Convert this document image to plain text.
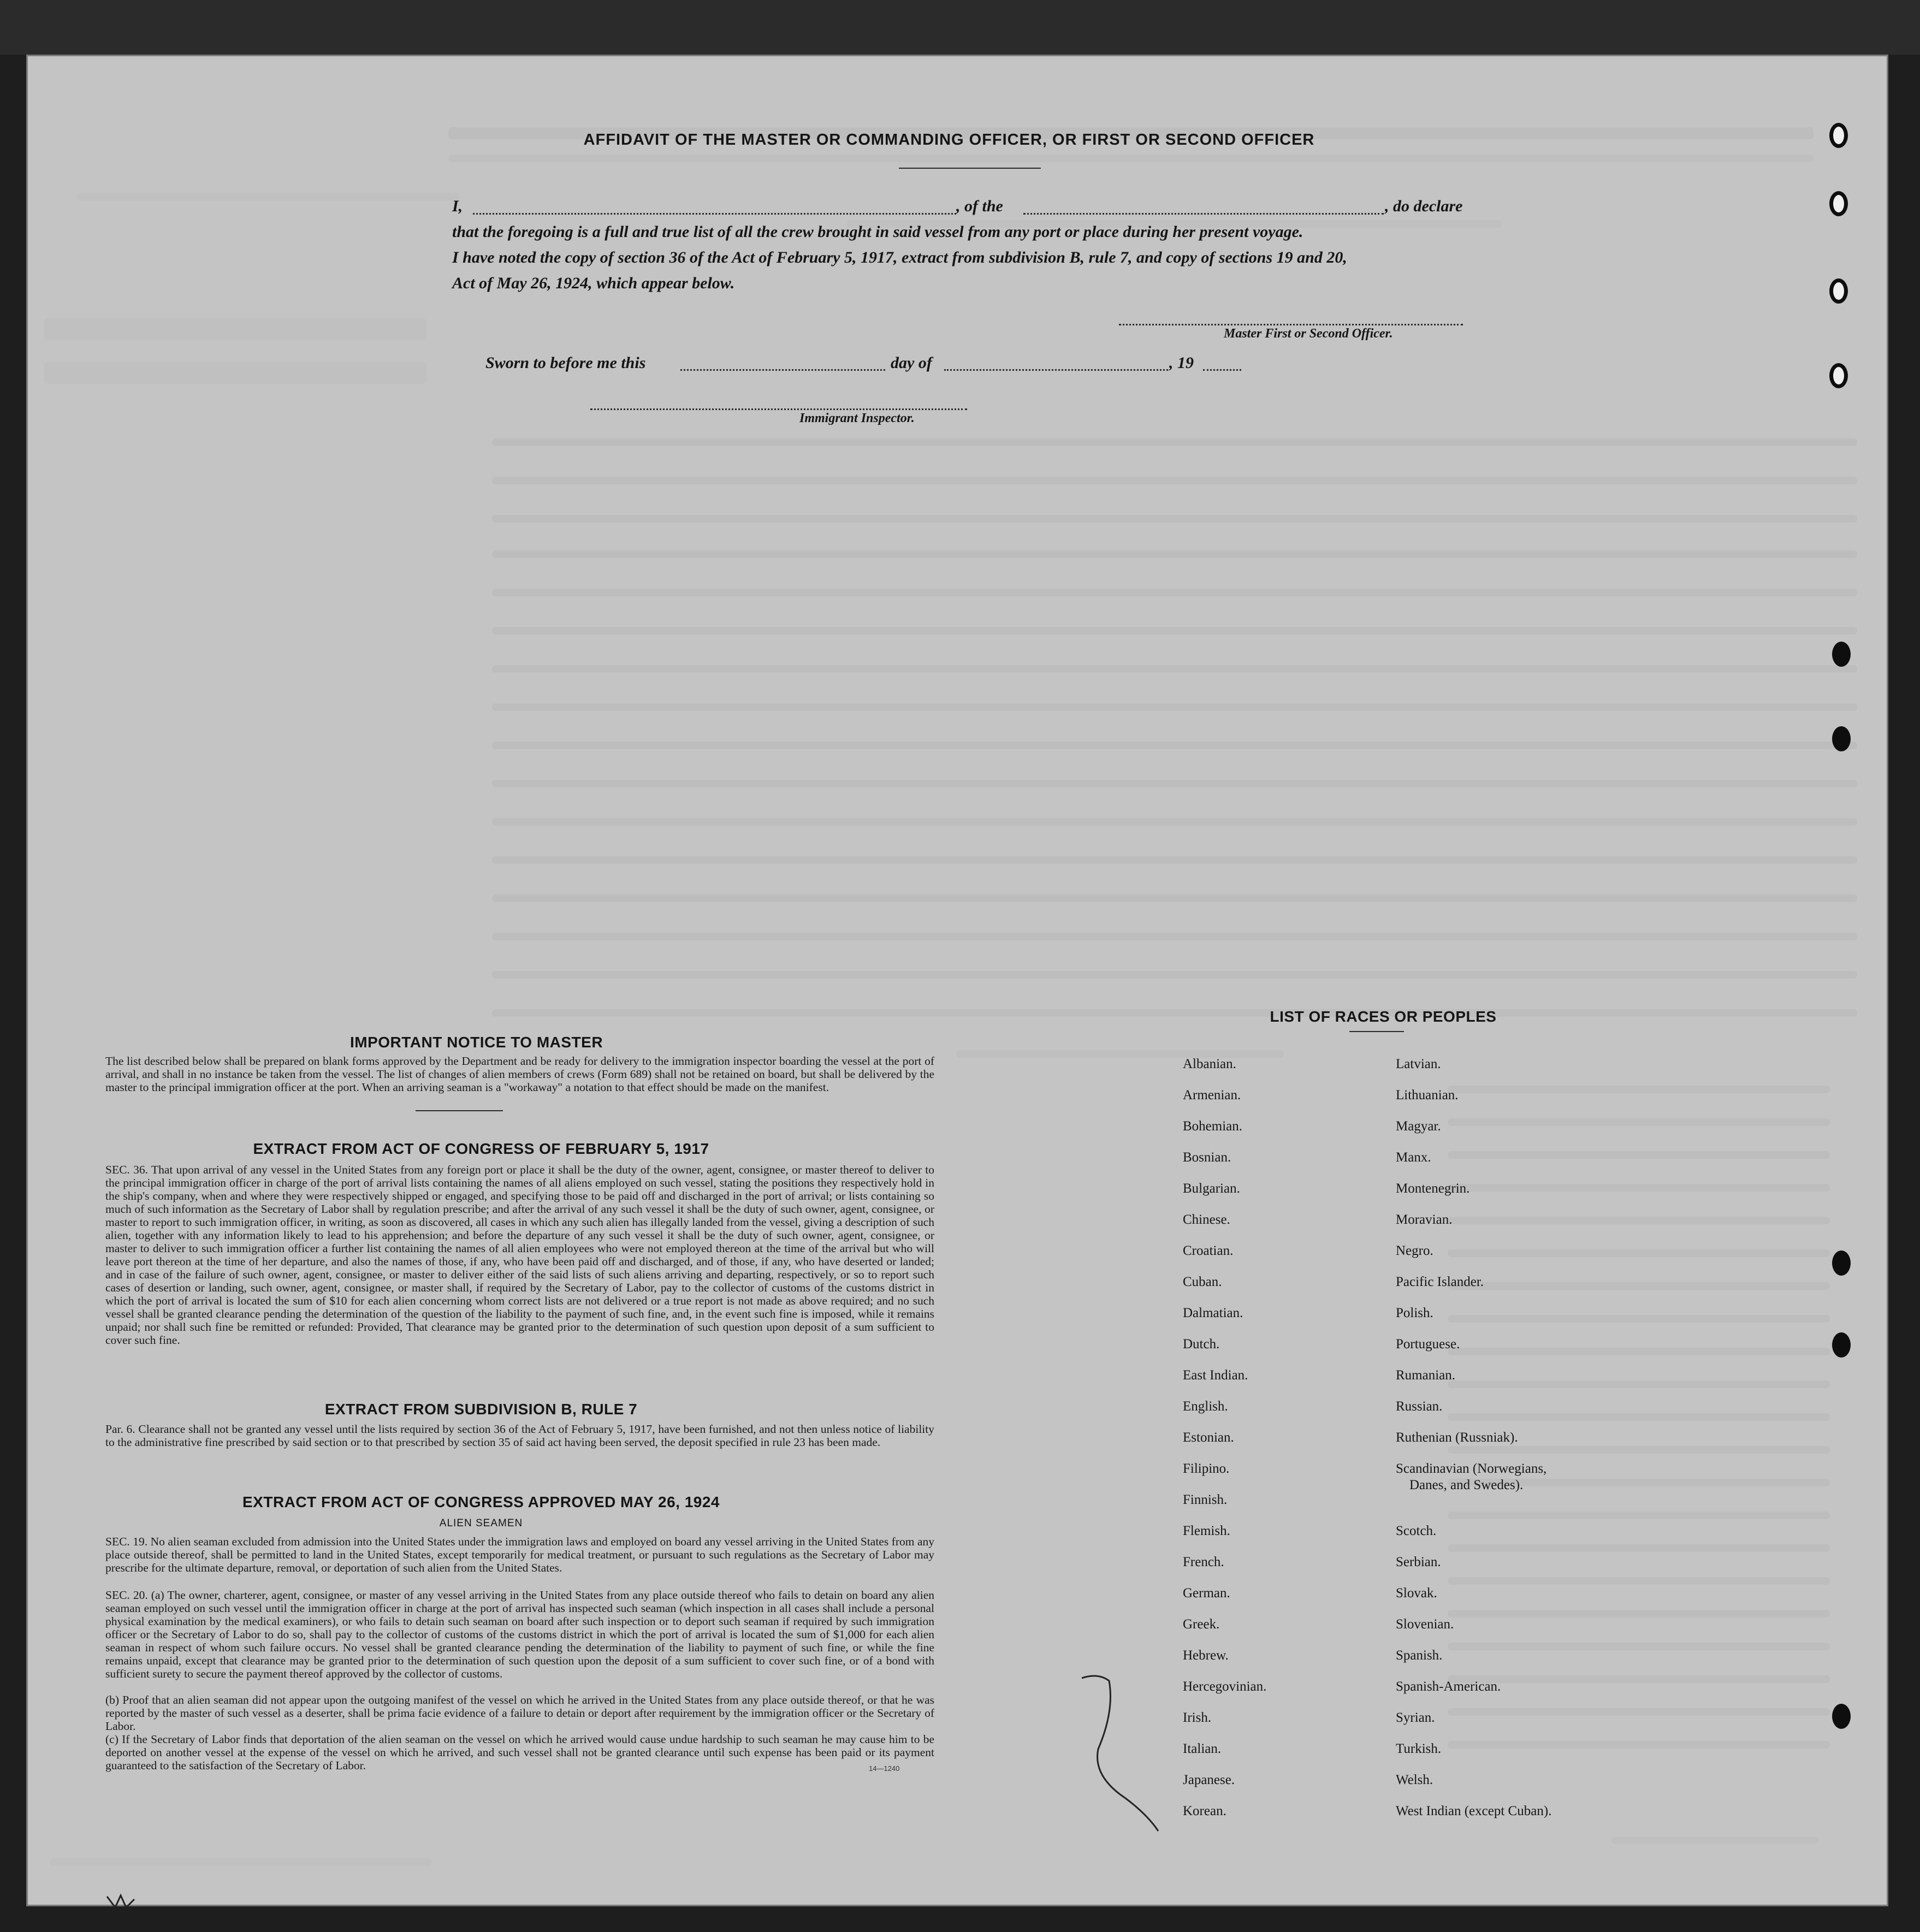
AFFIDAVIT OF THE MASTER OR COMMANDING OFFICER, OR FIRST OR SECOND OFFICER
I,	, of the	, do declare
that the foregoing is a full and true list of all the crew brought in said vessel from any port or place during her present voyage.
I have noted the copy of section 36 of the Act of February 5, 1917, extract from subdivision B, rule 7, and copy of sections 19 and 20,
Act of May 26, 1924, which appear below.
Master First or Second Officer.
Sworn to before me this	day of	, 19
Immigrant Inspector.
IMPORTANT NOTICE TO MASTER
The list described below shall be prepared on blank forms approved by the Department and be ready for delivery to the immigration inspector boarding the vessel at the port of arrival, and shall in no instance be taken from the vessel. The list of changes of alien members of crews (Form 689) shall not be retained on board, but shall be delivered by the master to the principal immigration officer at the port. When an arriving seaman is a "workaway" a notation to that effect should be made on the manifest.
EXTRACT FROM ACT OF CONGRESS OF FEBRUARY 5, 1917
SEC. 36. That upon arrival of any vessel in the United States from any foreign port or place it shall be the duty of the owner, agent, consignee, or master thereof to deliver to the principal immigration officer in charge of the port of arrival lists containing the names of all aliens employed on such vessel, stating the positions they respectively hold in the ship's company, when and where they were respectively shipped or engaged, and specifying those to be paid off and discharged in the port of arrival; or lists containing so much of such information as the Secretary of Labor shall by regulation prescribe; and after the arrival of any such vessel it shall be the duty of such owner, agent, consignee, or master to report to such immigration officer, in writing, as soon as discovered, all cases in which any such alien has illegally landed from the vessel, giving a description of such alien, together with any information likely to lead to his apprehension; and before the departure of any such vessel it shall be the duty of such owner, agent, consignee, or master to deliver to such immigration officer a further list containing the names of all alien employees who were not employed thereon at the time of the arrival but who will leave port thereon at the time of her departure, and also the names of those, if any, who have been paid off and discharged, and of those, if any, who have deserted or landed; and in case of the failure of such owner, agent, consignee, or master to deliver either of the said lists of such aliens arriving and departing, respectively, or so to report such cases of desertion or landing, such owner, agent, consignee, or master shall, if required by the Secretary of Labor, pay to the collector of customs of the customs district in which the port of arrival is located the sum of $10 for each alien concerning whom correct lists are not delivered or a true report is not made as above required; and no such vessel shall be granted clearance pending the determination of the question of the liability to the payment of such fine, and, in the event such fine is imposed, while it remains unpaid; nor shall such fine be remitted or refunded: Provided, That clearance may be granted prior to the determination of such question upon deposit of a sum sufficient to cover such fine.
EXTRACT FROM SUBDIVISION B, RULE 7
Par. 6. Clearance shall not be granted any vessel until the lists required by section 36 of the Act of February 5, 1917, have been furnished, and not then unless notice of liability to the administrative fine prescribed by said section or to that prescribed by section 35 of said act having been served, the deposit specified in rule 23 has been made.
EXTRACT FROM ACT OF CONGRESS APPROVED MAY 26, 1924
ALIEN SEAMEN
SEC. 19. No alien seaman excluded from admission into the United States under the immigration laws and employed on board any vessel arriving in the United States from any place outside thereof, shall be permitted to land in the United States, except temporarily for medical treatment, or pursuant to such regulations as the Secretary of Labor may prescribe for the ultimate departure, removal, or deportation of such alien from the United States.
SEC. 20. (a) The owner, charterer, agent, consignee, or master of any vessel arriving in the United States from any place outside thereof who fails to detain on board any alien seaman employed on such vessel until the immigration officer in charge at the port of arrival has inspected such seaman (which inspection in all cases shall include a personal physical examination by the medical examiners), or who fails to detain such seaman on board after such inspection or to deport such seaman if required by such immigration officer or the Secretary of Labor to do so, shall pay to the collector of customs of the customs district in which the port of arrival is located the sum of $1,000 for each alien seaman in respect of whom such failure occurs. No vessel shall be granted clearance pending the determination of the liability to payment of such fine, or while the fine remains unpaid, except that clearance may be granted prior to the determination of such question upon the deposit of a sum sufficient to cover such fine, or of a bond with sufficient surety to secure the payment thereof approved by the collector of customs.
(b) Proof that an alien seaman did not appear upon the outgoing manifest of the vessel on which he arrived in the United States from any place outside thereof, or that he was reported by the master of such vessel as a deserter, shall be prima facie evidence of a failure to detain or deport after requirement by the immigration officer or the Secretary of Labor.
(c) If the Secretary of Labor finds that deportation of the alien seaman on the vessel on which he arrived would cause undue hardship to such seaman he may cause him to be deported on another vessel at the expense of the vessel on which he arrived, and such vessel shall not be granted clearance until such expense has been paid or its payment guaranteed to the satisfaction of the Secretary of Labor.	14—1240
LIST OF RACES OR PEOPLES
Albanian.
Armenian.
Bohemian.
Bosnian.
Bulgarian.
Chinese.
Croatian.
Cuban.
Dalmatian.
Dutch.
East Indian.
English.
Estonian.
Filipino.
Finnish.
Flemish.
French.
German.
Greek.
Hebrew.
Hercegovinian.
Irish.
Italian.
Japanese.
Korean.
Latvian.
Lithuanian.
Magyar.
Manx.
Montenegrin.
Moravian.
Negro.
Pacific Islander.
Polish.
Portuguese.
Rumanian.
Russian.
Ruthenian (Russniak).
Scandinavian (Norwegians,
Danes, and Swedes).
Scotch.
Serbian.
Slovak.
Slovenian.
Spanish.
Spanish-American.
Syrian.
Turkish.
Welsh.
West Indian (except Cuban).
